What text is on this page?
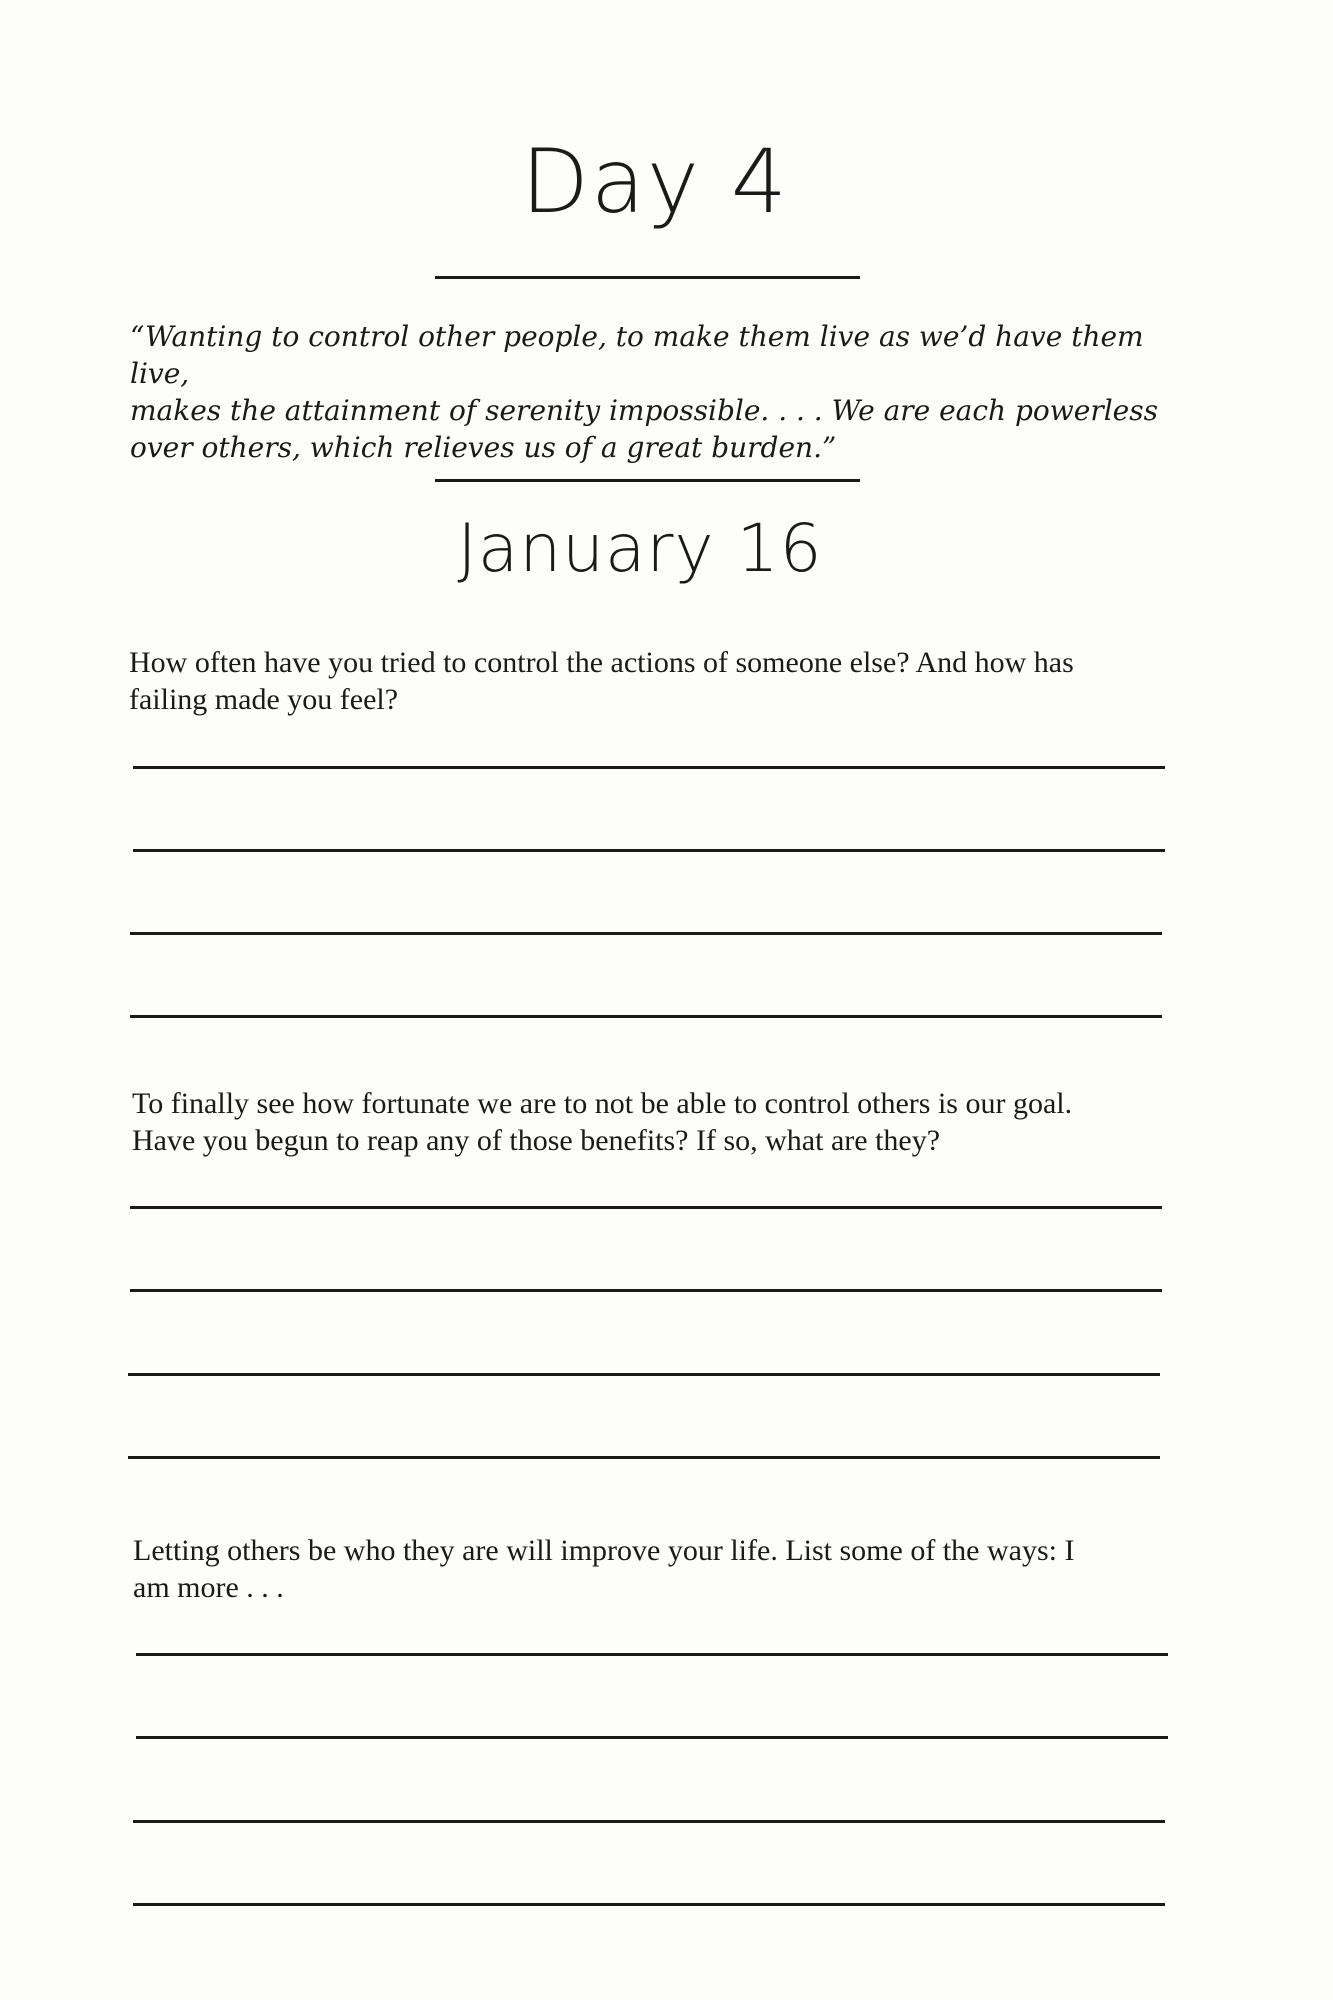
Day 4
“Wanting to control other people, to make them live as we’d have them live,
makes the attainment of serenity impossible. . . . We are each powerless
over others, which relieves us of a great burden.”
January 16
How often have you tried to control the actions of someone else? And how has
failing made you feel?
To finally see how fortunate we are to not be able to control others is our goal.
Have you begun to reap any of those benefits? If so, what are they?
Letting others be who they are will improve your life. List some of the ways: I
am more . . .
